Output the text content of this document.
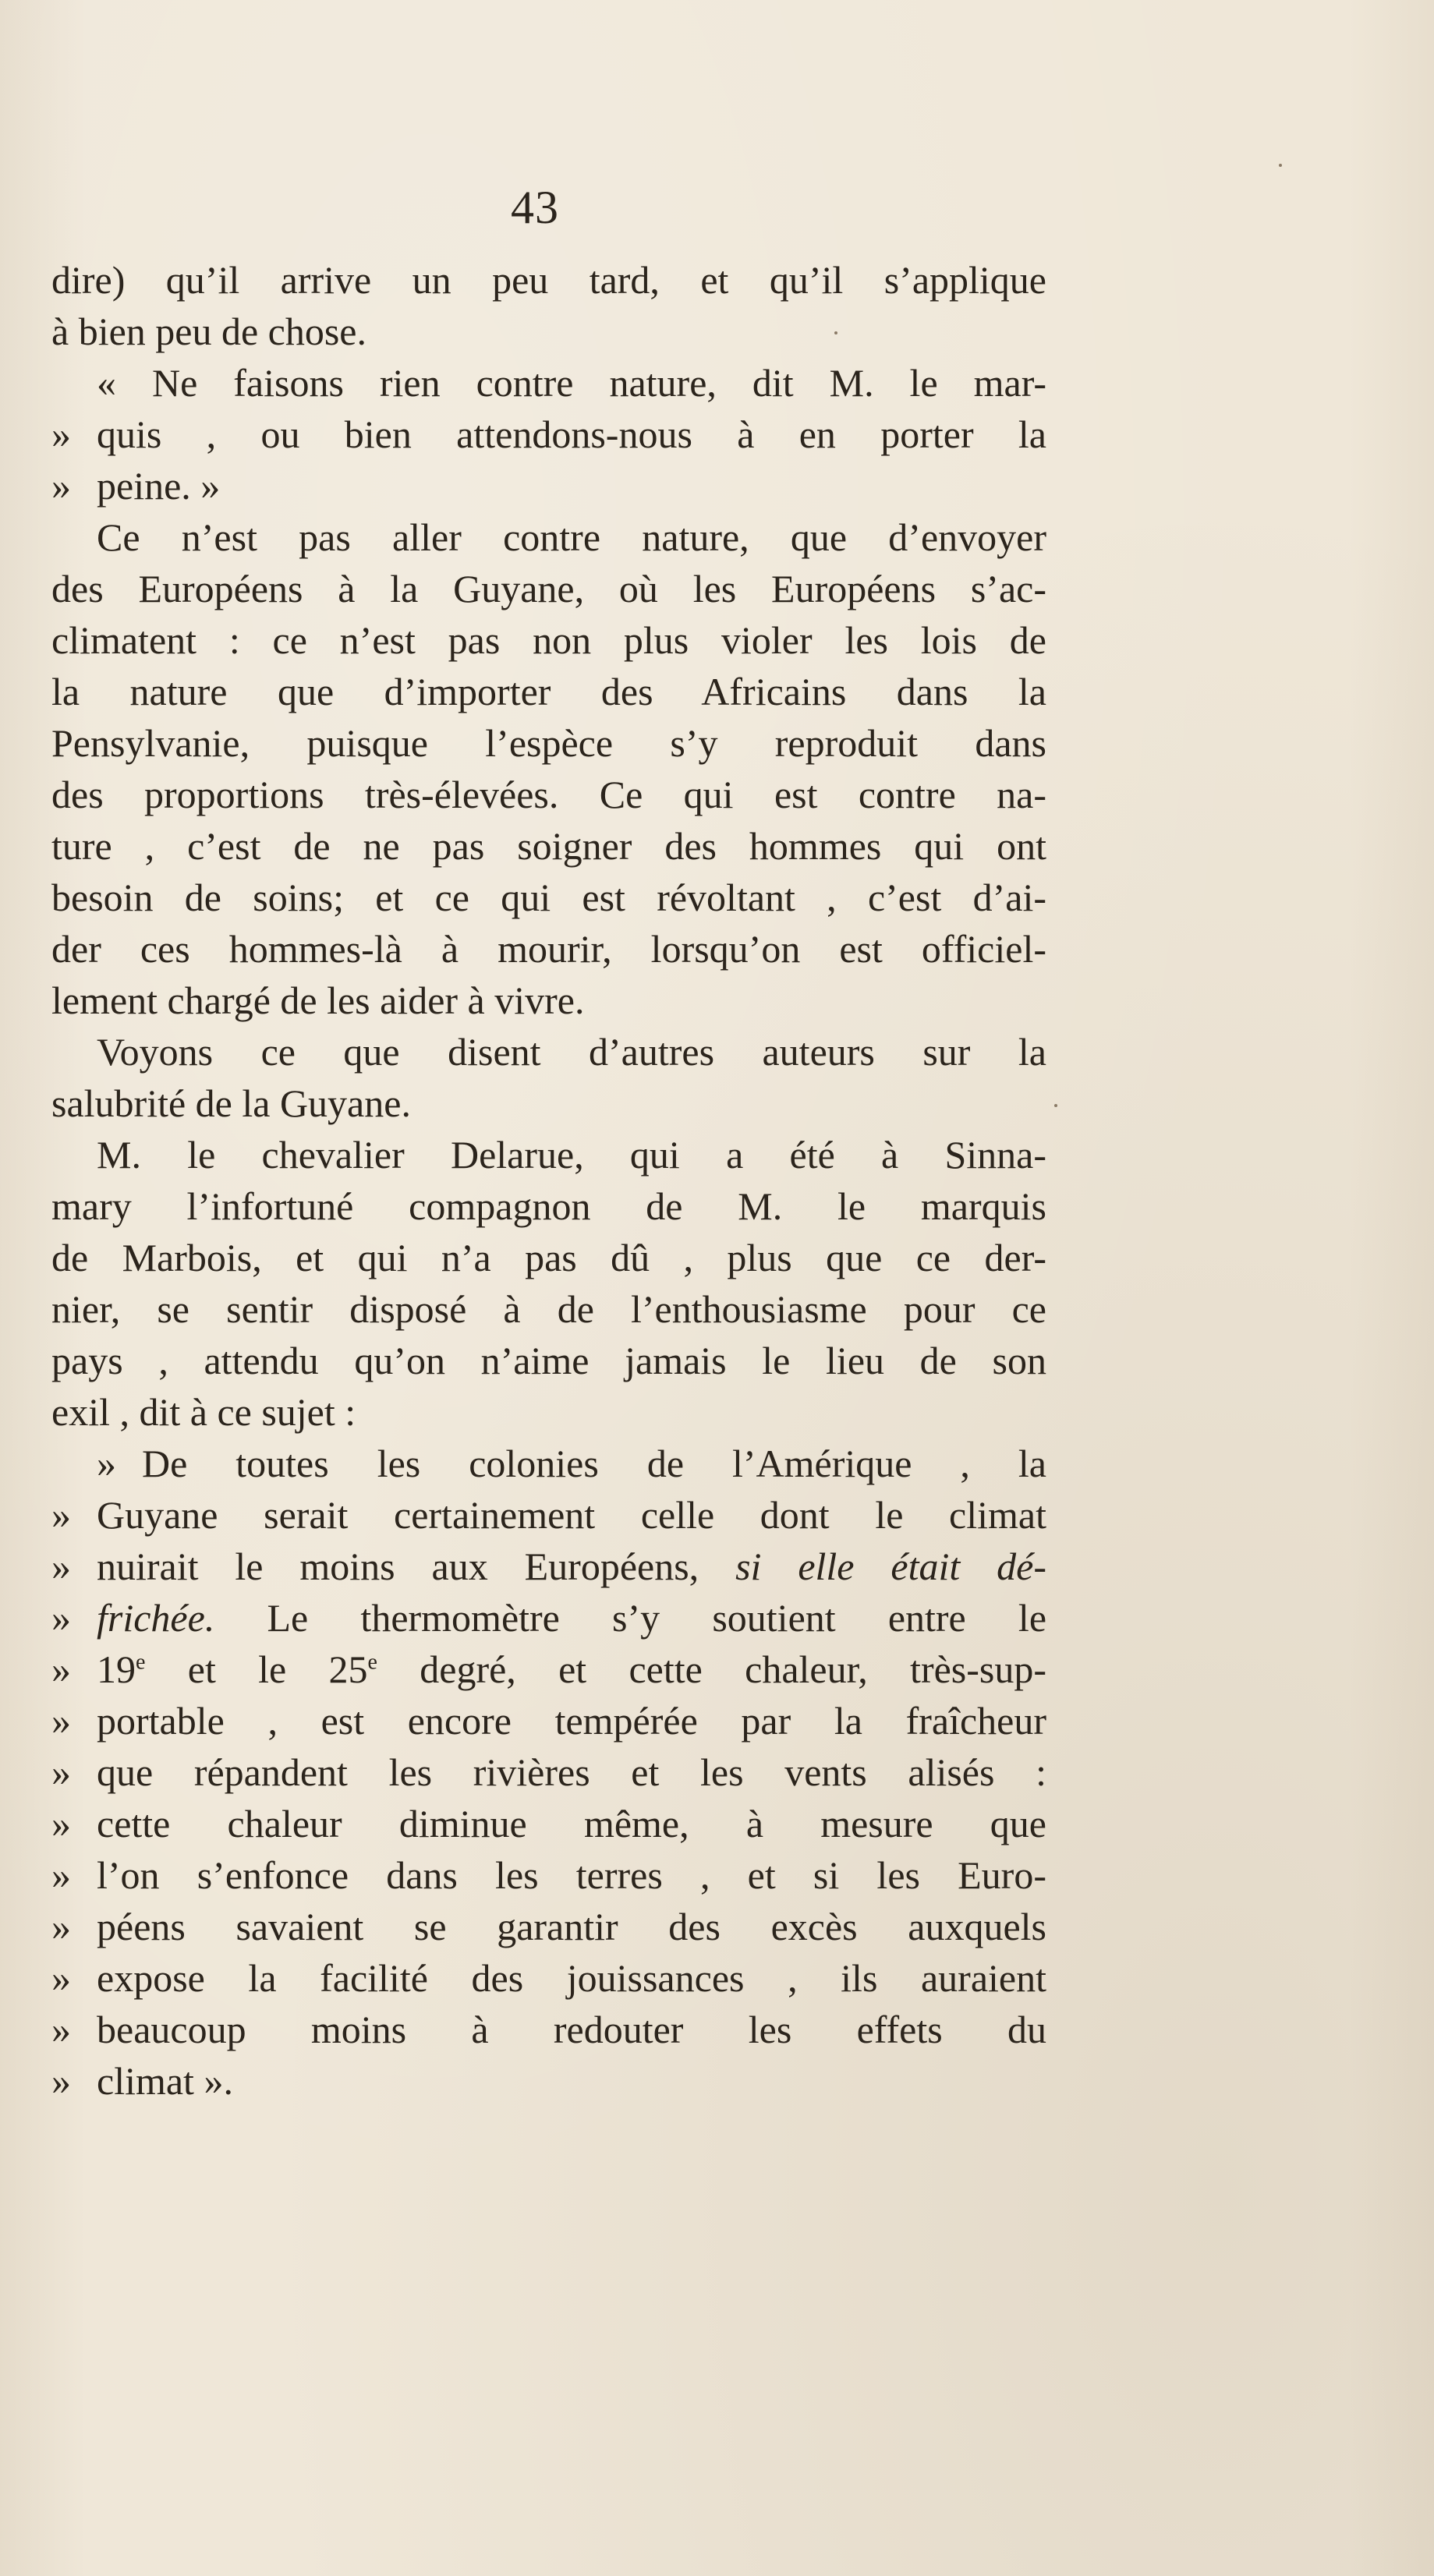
43
dire) qu’il arrive un peu tard, et qu’il s’applique
à bien peu de chose.
« Ne faisons rien contre nature, dit M. le mar-
» quis , ou bien attendons-nous à en porter la
» peine. »
Ce n’est pas aller contre nature, que d’envoyer
des Européens à la Guyane, où les Européens s’ac-
climatent : ce n’est pas non plus violer les lois de
la nature que d’importer des Africains dans la
Pensylvanie, puisque l’espèce s’y reproduit dans
des proportions très-élevées. Ce qui est contre na-
ture , c’est de ne pas soigner des hommes qui ont
besoin de soins; et ce qui est révoltant , c’est d’ai-
der ces hommes-là à mourir, lorsqu’on est officiel-
lement chargé de les aider à vivre.
Voyons ce que disent d’autres auteurs sur la
salubrité de la Guyane.
M. le chevalier Delarue, qui a été à Sinna-
mary l’infortuné compagnon de M. le marquis
de Marbois, et qui n’a pas dû , plus que ce der-
nier, se sentir disposé à de l’enthousiasme pour ce
pays , attendu qu’on n’aime jamais le lieu de son
exil , dit à ce sujet :
» De toutes les colonies de l’Amérique , la
» Guyane serait certainement celle dont le climat
» nuirait le moins aux Européens, si elle était dé-
» frichée. Le thermomètre s’y soutient entre le
» 19e et le 25e degré, et cette chaleur, très-sup-
» portable , est encore tempérée par la fraîcheur
» que répandent les rivières et les vents alisés :
» cette chaleur diminue même, à mesure que
» l’on s’enfonce dans les terres , et si les Euro-
» péens savaient se garantir des excès auxquels
» expose la facilité des jouissances , ils auraient
» beaucoup moins à redouter les effets du
» climat ».
